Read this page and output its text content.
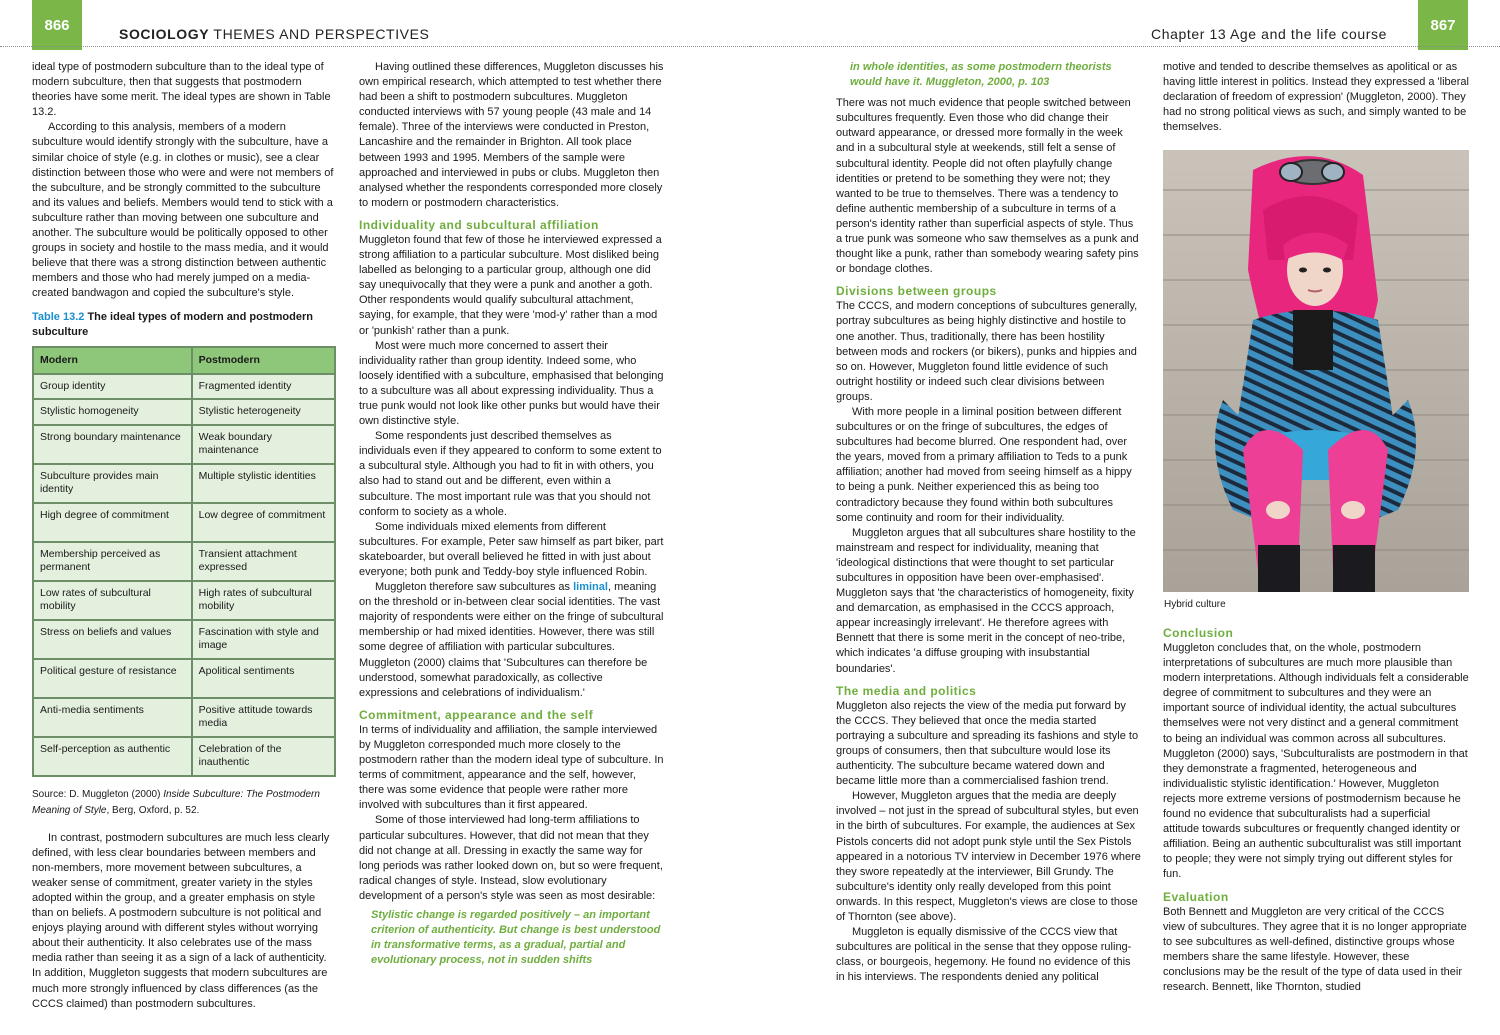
866
SOCIOLOGY THEMES AND PERSPECTIVES

ideal type of postmodern subculture than to the ideal type of modern subculture, then that suggests that postmodern theories have some merit. The ideal types are shown in Table 13.2.

According to this analysis, members of a modern subculture would identify strongly with the subculture, have a similar choice of style (e.g. in clothes or music), see a clear distinction between those who were and were not members of the subculture, and be strongly committed to the subculture and its values and beliefs. Members would tend to stick with a subculture rather than moving between one subculture and another. The subculture would be politically opposed to other groups in society and hostile to the mass media, and it would believe that there was a strong distinction between authentic members and those who had merely jumped on a media-created bandwagon and copied the subculture's style.

Table 13.2 The ideal types of modern and postmodern subculture
Modern	Postmodern
Group identity	Fragmented identity
Stylistic homogeneity	Stylistic heterogeneity
Strong boundary maintenance	Weak boundary maintenance
Subculture provides main identity	Multiple stylistic identities
High degree of commitment	Low degree of commitment
Membership perceived as permanent	Transient attachment expressed
Low rates of subcultural mobility	High rates of subcultural mobility
Stress on beliefs and values	Fascination with style and image
Political gesture of resistance	Apolitical sentiments
Anti-media sentiments	Positive attitude towards media
Self-perception as authentic	Celebration of the inauthentic
Source: D. Muggleton (2000) Inside Subculture: The Postmodern Meaning of Style, Berg, Oxford, p. 52.

In contrast, postmodern subcultures are much less clearly defined, with less clear boundaries between members and non-members, more movement between subcultures, a weaker sense of commitment, greater variety in the styles adopted within the group, and a greater emphasis on style than on beliefs. A postmodern subculture is not political and enjoys playing around with different styles without worrying about their authenticity. It also celebrates use of the mass media rather than seeing it as a sign of a lack of authenticity. In addition, Muggleton suggests that modern subcultures are much more strongly influenced by class differences (as the CCCS claimed) than postmodern subcultures.

Having outlined these differences, Muggleton discusses his own empirical research, which attempted to test whether there had been a shift to postmodern subcultures. Muggleton conducted interviews with 57 young people (43 male and 14 female). Three of the interviews were conducted in Preston, Lancashire and the remainder in Brighton. All took place between 1993 and 1995. Members of the sample were approached and interviewed in pubs or clubs. Muggleton then analysed whether the respondents corresponded more closely to modern or postmodern characteristics.

Individuality and subcultural affiliation

Muggleton found that few of those he interviewed expressed a strong affiliation to a particular subculture. Most disliked being labelled as belonging to a particular group, although one did say unequivocally that they were a punk and another a goth. Other respondents would qualify subcultural attachment, saying, for example, that they were 'mod-y' rather than a mod or 'punkish' rather than a punk.

Most were much more concerned to assert their individuality rather than group identity. Indeed some, who loosely identified with a subculture, emphasised that belonging to a subculture was all about expressing individuality. Thus a true punk would not look like other punks but would have their own distinctive style.

Some respondents just described themselves as individuals even if they appeared to conform to some extent to a subcultural style. Although you had to fit in with others, you also had to stand out and be different, even within a subculture. The most important rule was that you should not conform to society as a whole.

Some individuals mixed elements from different subcultures. For example, Peter saw himself as part biker, part skateboarder, but overall believed he fitted in with just about everyone; both punk and Teddy-boy style influenced Robin.

Muggleton therefore saw subcultures as liminal, meaning on the threshold or in-between clear social identities. The vast majority of respondents were either on the fringe of subcultural membership or had mixed identities. However, there was still some degree of affiliation with particular subcultures. Muggleton (2000) claims that 'Subcultures can therefore be understood, somewhat paradoxically, as collective expressions and celebrations of individualism.'

Commitment, appearance and the self

In terms of individuality and affiliation, the sample interviewed by Muggleton corresponded much more closely to the postmodern rather than the modern ideal type of subculture. In terms of commitment, appearance and the self, however, there was some evidence that people were rather more involved with subcultures than it first appeared.

Some of those interviewed had long-term affiliations to particular subcultures. However, that did not mean that they did not change at all. Dressing in exactly the same way for long periods was rather looked down on, but so were frequent, radical changes of style. Instead, slow evolutionary development of a person's style was seen as most desirable:

Stylistic change is regarded positively – an important criterion of authenticity. But change is best understood in transformative terms, as a gradual, partial and evolutionary process, not in sudden shifts
Chapter 13 Age and the life course
867
in whole identities, as some postmodern theorists would have it. Muggleton, 2000, p. 103

There was not much evidence that people switched between subcultures frequently. Even those who did change their outward appearance, or dressed more formally in the week and in a subcultural style at weekends, still felt a sense of subcultural identity. People did not often playfully change identities or pretend to be something they were not; they wanted to be true to themselves. There was a tendency to define authentic membership of a subculture in terms of a person's identity rather than superficial aspects of style. Thus a true punk was someone who saw themselves as a punk and thought like a punk, rather than somebody wearing safety pins or bondage clothes.

Divisions between groups

The CCCS, and modern conceptions of subcultures generally, portray subcultures as being highly distinctive and hostile to one another. Thus, traditionally, there has been hostility between mods and rockers (or bikers), punks and hippies and so on. However, Muggleton found little evidence of such outright hostility or indeed such clear divisions between groups.

With more people in a liminal position between different subcultures or on the fringe of subcultures, the edges of subcultures had become blurred. One respondent had, over the years, moved from a primary affiliation to Teds to a punk affiliation; another had moved from seeing himself as a hippy to being a punk. Neither experienced this as being too contradictory because they found within both subcultures some continuity and room for their individuality.

Muggleton argues that all subcultures share hostility to the mainstream and respect for individuality, meaning that 'ideological distinctions that were thought to set particular subcultures in opposition have been over-emphasised'. Muggleton says that 'the characteristics of homogeneity, fixity and demarcation, as emphasised in the CCCS approach, appear increasingly irrelevant'. He therefore agrees with Bennett that there is some merit in the concept of neo-tribe, which indicates 'a diffuse grouping with insubstantial boundaries'.

The media and politics

Muggleton also rejects the view of the media put forward by the CCCS. They believed that once the media started portraying a subculture and spreading its fashions and style to groups of consumers, then that subculture would lose its authenticity. The subculture became watered down and became little more than a commercialised fashion trend.

However, Muggleton argues that the media are deeply involved – not just in the spread of subcultural styles, but even in the birth of subcultures. For example, the audiences at Sex Pistols concerts did not adopt punk style until the Sex Pistols appeared in a notorious TV interview in December 1976 where they swore repeatedly at the interviewer, Bill Grundy. The subculture's identity only really developed from this point onwards. In this respect, Muggleton's views are close to those of Thornton (see above).

Muggleton is equally dismissive of the CCCS view that subcultures are political in the sense that they oppose ruling-class, or bourgeois, hegemony. He found no evidence of this in his interviews. The respondents denied any political

motive and tended to describe themselves as apolitical or as having little interest in politics. Instead they expressed a 'liberal declaration of freedom of expression' (Muggleton, 2000). They had no strong political views as such, and simply wanted to be themselves.

Hybrid culture
Conclusion

Muggleton concludes that, on the whole, postmodern interpretations of subcultures are much more plausible than modern interpretations. Although individuals felt a considerable degree of commitment to subcultures and they were an important source of individual identity, the actual subcultures themselves were not very distinct and a general commitment to being an individual was common across all subcultures. Muggleton (2000) says, 'Subculturalists are postmodern in that they demonstrate a fragmented, heterogeneous and individualistic stylistic identification.' However, Muggleton rejects more extreme versions of postmodernism because he found no evidence that subculturalists had a superficial attitude towards subcultures or frequently changed identity or affiliation. Being an authentic subculturalist was still important to people; they were not simply trying out different styles for fun.

Evaluation

Both Bennett and Muggleton are very critical of the CCCS view of subcultures. They agree that it is no longer appropriate to see subcultures as well-defined, distinctive groups whose members share the same lifestyle. However, these conclusions may be the result of the type of data used in their research. Bennett, like Thornton, studied
